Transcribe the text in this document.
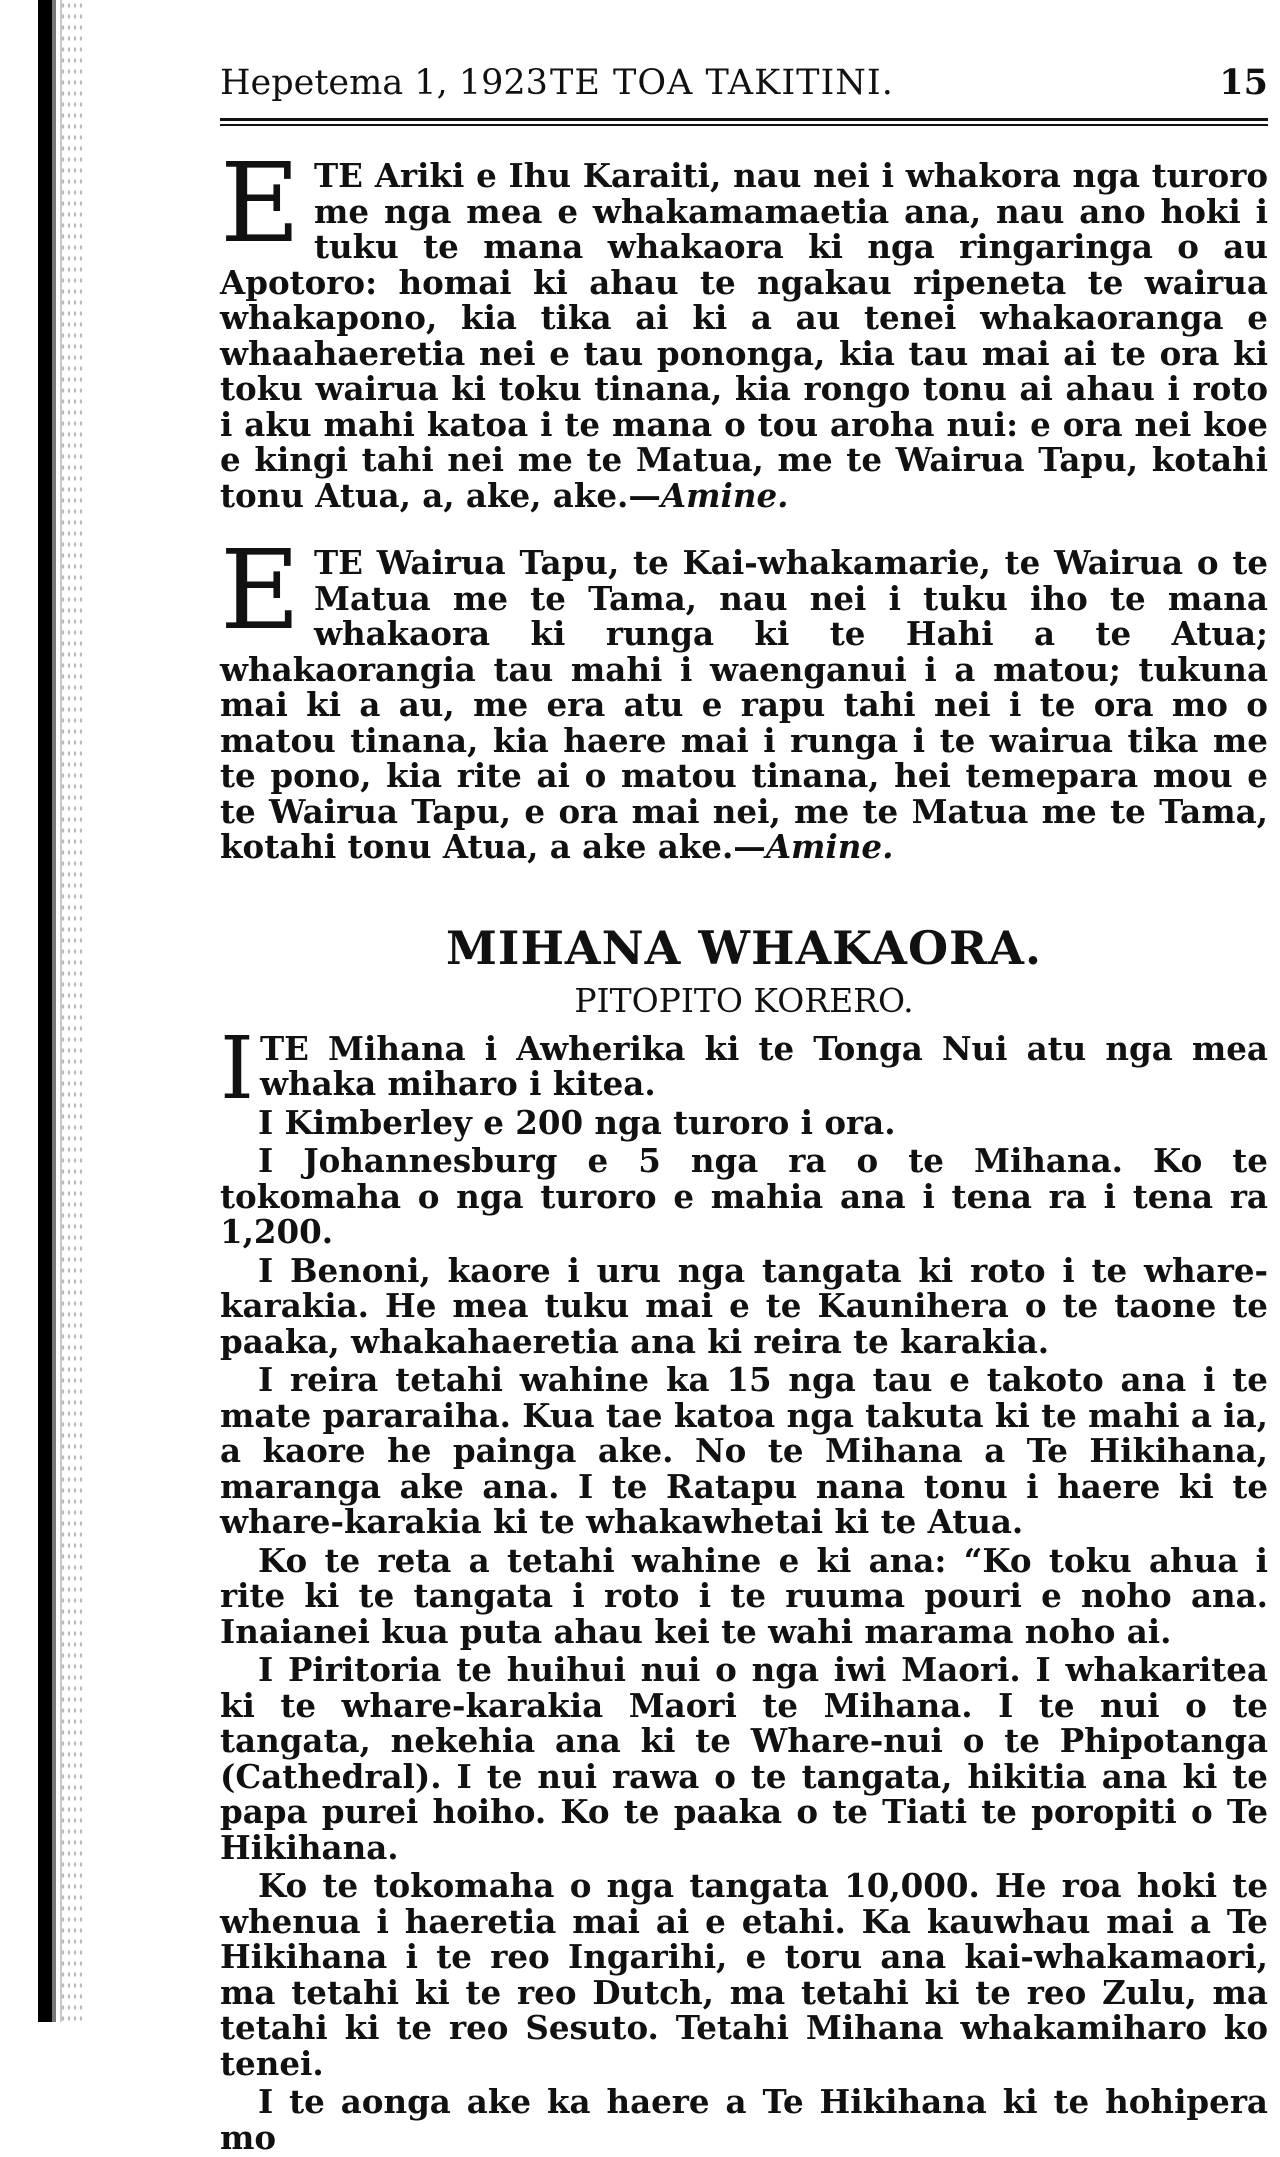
Hepetema 1, 1923 TE TOA TAKITINI.	15

E TE Ariki e Ihu Karaiti, nau nei i whakora nga turoro me nga mea e whakamamaetia ana, nau ano hoki i tuku te mana whakaora ki nga ringaringa o au Apotoro: homai ki ahau te ngakau ripeneta te wairua whakapono, kia tika ai ki a au tenei whakaoranga e whaahaeretia nei e tau pononga, kia tau mai ai te ora ki toku wairua ki toku tinana, kia rongo tonu ai ahau i roto i aku mahi katoa i te mana o tou aroha nui: e ora nei koe e kingi tahi nei me te Matua, me te Wairua Tapu, kotahi tonu Atua, a, ake, ake.—Amine.

E TE Wairua Tapu, te Kai-whakamarie, te Wairua o te Matua me te Tama, nau nei i tuku iho te mana whakaora ki runga ki te Hahi a te Atua; whakaorangia tau mahi i waenganui i a matou; tukuna mai ki a au, me era atu e rapu tahi nei i te ora mo o matou tinana, kia haere mai i runga i te wairua tika me te pono, kia rite ai o matou tinana, hei temepara mou e te Wairua Tapu, e ora mai nei, me te Matua me te Tama, kotahi tonu Atua, a ake ake.—Amine.

MIHANA WHAKAORA.
PITOPITO KORERO.

I TE Mihana i Awherika ki te Tonga Nui atu nga mea whaka miharo i kitea.

I Kimberley e 200 nga turoro i ora.

I Johannesburg e 5 nga ra o te Mihana. Ko te tokomaha o nga turoro e mahia ana i tena ra i tena ra 1,200.

I Benoni, kaore i uru nga tangata ki roto i te whare-karakia. He mea tuku mai e te Kaunihera o te taone te paaka, whakahaeretia ana ki reira te karakia.

I reira tetahi wahine ka 15 nga tau e takoto ana i te mate pararaiha. Kua tae katoa nga takuta ki te mahi a ia, a kaore he painga ake. No te Mihana a Te Hikihana, maranga ake ana. I te Ratapu nana tonu i haere ki te whare-karakia ki te whakawhetai ki te Atua.

Ko te reta a tetahi wahine e ki ana: “Ko toku ahua i rite ki te tangata i roto i te ruuma pouri e noho ana. Inaianei kua puta ahau kei te wahi marama noho ai.

I Piritoria te huihui nui o nga iwi Maori. I whakaritea ki te whare-karakia Maori te Mihana. I te nui o te tangata, nekehia ana ki te Whare-nui o te Phipotanga (Cathedral). I te nui rawa o te tangata, hikitia ana ki te papa purei hoiho. Ko te paaka o te Tiati te poropiti o Te Hikihana.

Ko te tokomaha o nga tangata 10,000. He roa hoki te whenua i haeretia mai ai e etahi. Ka kauwhau mai a Te Hikihana i te reo Ingarihi, e toru ana kai-whakamaori, ma tetahi ki te reo Dutch, ma tetahi ki te reo Zulu, ma tetahi ki te reo Sesuto. Tetahi Mihana whakamiharo ko tenei.

I te aonga ake ka haere a Te Hikihana ki te hohipera mo
